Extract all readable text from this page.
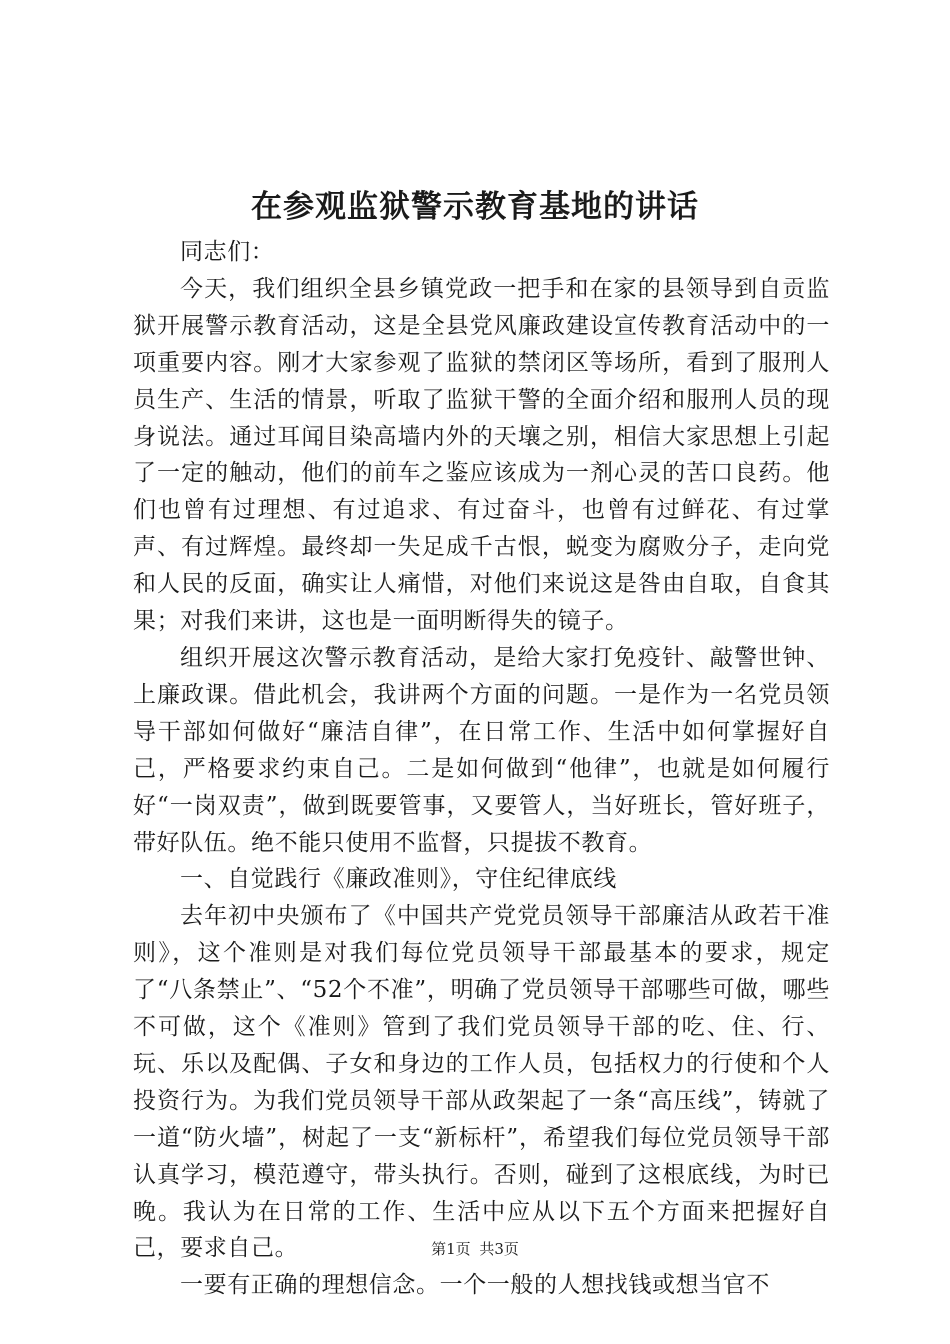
在参观监狱警示教育基地的讲话

同志们：

今天，我们组织全县乡镇党政一把手和在家的县领导到自贡监狱开展警示教育活动，这是全县党风廉政建设宣传教育活动中的一项重要内容。刚才大家参观了监狱的禁闭区等场所，看到了服刑人员生产、生活的情景，听取了监狱干警的全面介绍和服刑人员的现身说法。通过耳闻目染高墙内外的天壤之别，相信大家思想上引起了一定的触动，他们的前车之鉴应该成为一剂心灵的苦口良药。他们也曾有过理想、有过追求、有过奋斗，也曾有过鲜花、有过掌声、有过辉煌。最终却一失足成千古恨，蜕变为腐败分子，走向党和人民的反面，确实让人痛惜，对他们来说这是咎由自取，自食其果；对我们来讲，这也是一面明断得失的镜子。

组织开展这次警示教育活动，是给大家打免疫针、敲警世钟、上廉政课。借此机会，我讲两个方面的问题。一是作为一名党员领导干部如何做好“廉洁自律”，在日常工作、生活中如何掌握好自己，严格要求约束自己。二是如何做到“他律”，也就是如何履行好“一岗双责”，做到既要管事，又要管人，当好班长，管好班子，带好队伍。绝不能只使用不监督，只提拔不教育。

一、自觉践行《廉政准则》，守住纪律底线

去年初中央颁布了《中国共产党党员领导干部廉洁从政若干准则》，这个准则是对我们每位党员领导干部最基本的要求，规定了“八条禁止”、“52个不准”，明确了党员领导干部哪些可做，哪些不可做，这个《准则》管到了我们党员领导干部的吃、住、行、玩、乐以及配偶、子女和身边的工作人员，包括权力的行使和个人投资行为。为我们党员领导干部从政架起了一条“高压线”，铸就了一道“防火墙”，树起了一支“新标杆”，希望我们每位党员领导干部认真学习，模范遵守，带头执行。否则，碰到了这根底线，为时已晚。我认为在日常的工作、生活中应从以下五个方面来把握好自己，要求自己。

一要有正确的理想信念。一个一般的人想找钱或想当官不

第1页 共3页
